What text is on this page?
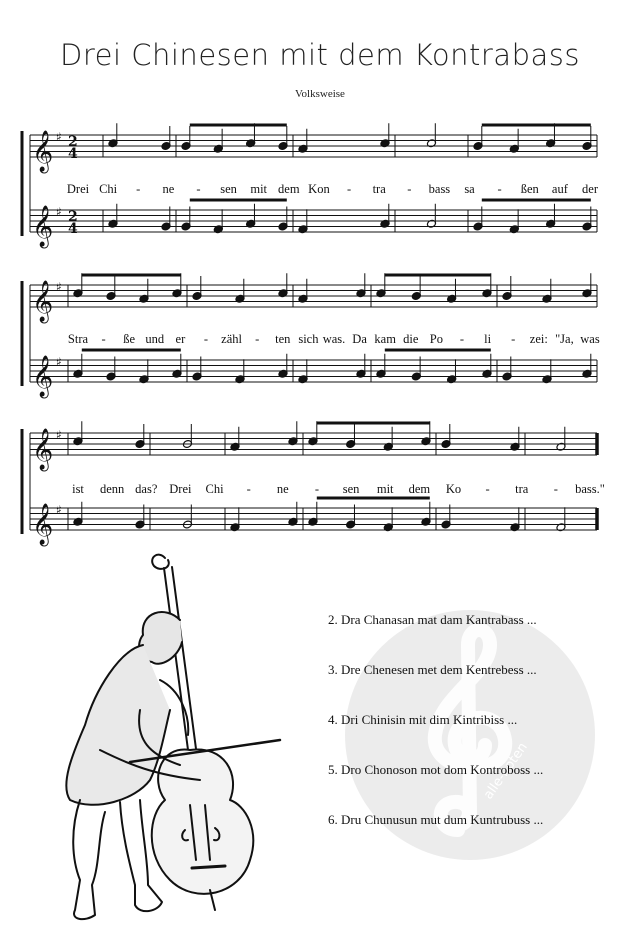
Drei Chinesen mit dem Kontrabass
Volksweise
𝄞 ♯ 2
4
𝄞 ♯ 2
4
𝄞 ♯
𝄞 ♯
𝄞 ♯
𝄞 ♯
Drei Chi - ne - sen mit dem Kon - tra - bass sa - ßen auf der
Stra - ße und er - zähl - ten sich was. Da kam die Po - li - zei: "Ja, was
ist denn das? Drei Chi - ne - sen mit dem Ko - tra - bass."
alle-noten
2. Dra Chanasan mat dam Kantrabass ...
3. Dre Chenesen met dem Kentrebess ...
4. Dri Chinisin mit dim Kintribiss ...
5. Dro Chonoson mot dom Kontroboss ...
6. Dru Chunusun mut dum Kuntrubuss ...
